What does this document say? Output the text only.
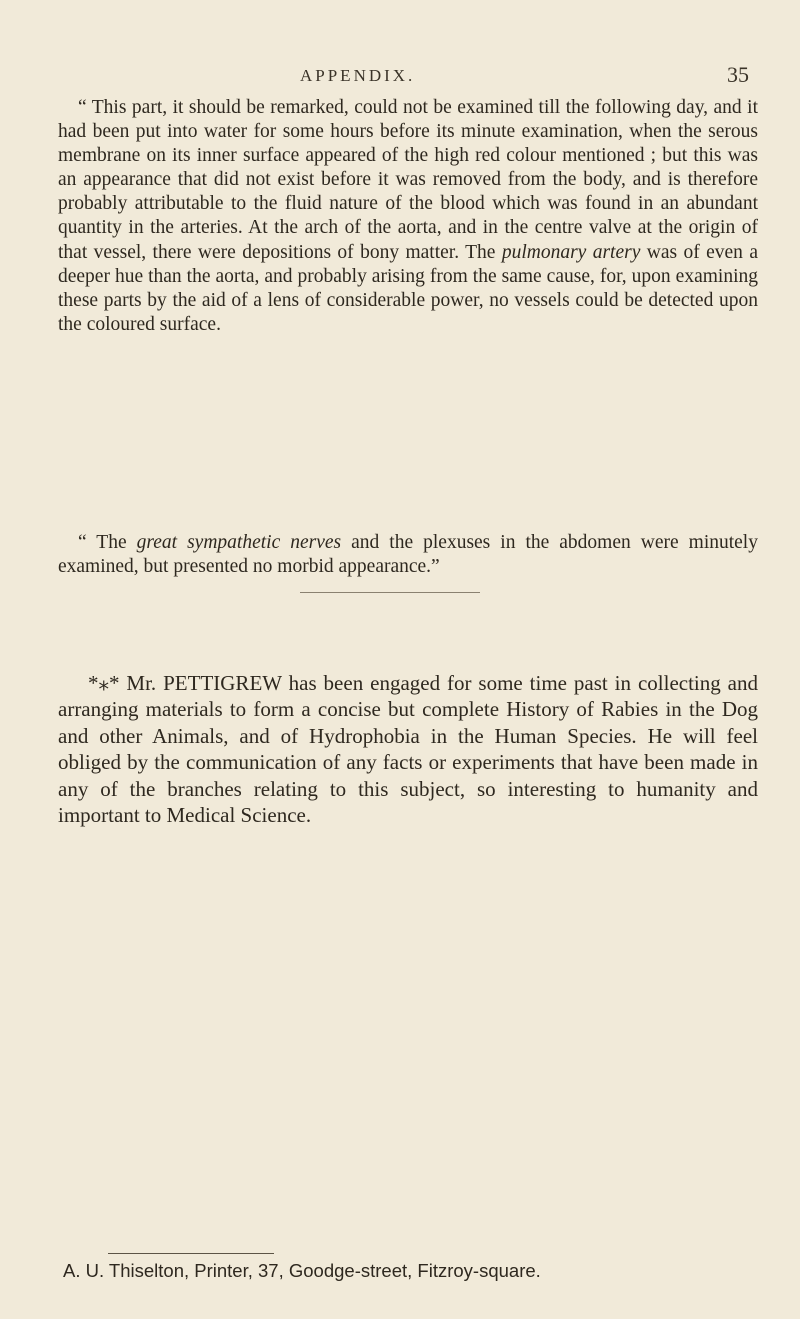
APPENDIX.	35

“ This part, it should be remarked, could not be examined till the following day, and it had been put into water for some hours before its minute examination, when the serous membrane on its inner surface appeared of the high red colour mentioned ; but this was an appearance that did not exist before it was removed from the body, and is therefore probably attributable to the fluid nature of the blood which was found in an abundant quantity in the arteries. At the arch of the aorta, and in the centre valve at the origin of that vessel, there were depositions of bony matter. The pulmonary artery was of even a deeper hue than the aorta, and probably arising from the same cause, for, upon examining these parts by the aid of a lens of considerable power, no vessels could be detected upon the coloured surface.

“ The great sympathetic nerves and the plexuses in the abdomen were minutely examined, but presented no morbid appearance.”

*⁎* Mr. PETTIGREW has been engaged for some time past in collecting and arranging materials to form a concise but complete History of Rabies in the Dog and other Animals, and of Hydrophobia in the Human Species. He will feel obliged by the communication of any facts or experiments that have been made in any of the branches relating to this subject, so interesting to humanity and important to Medical Science.

A. U. Thiselton, Printer, 37, Goodge-street, Fitzroy-square.
